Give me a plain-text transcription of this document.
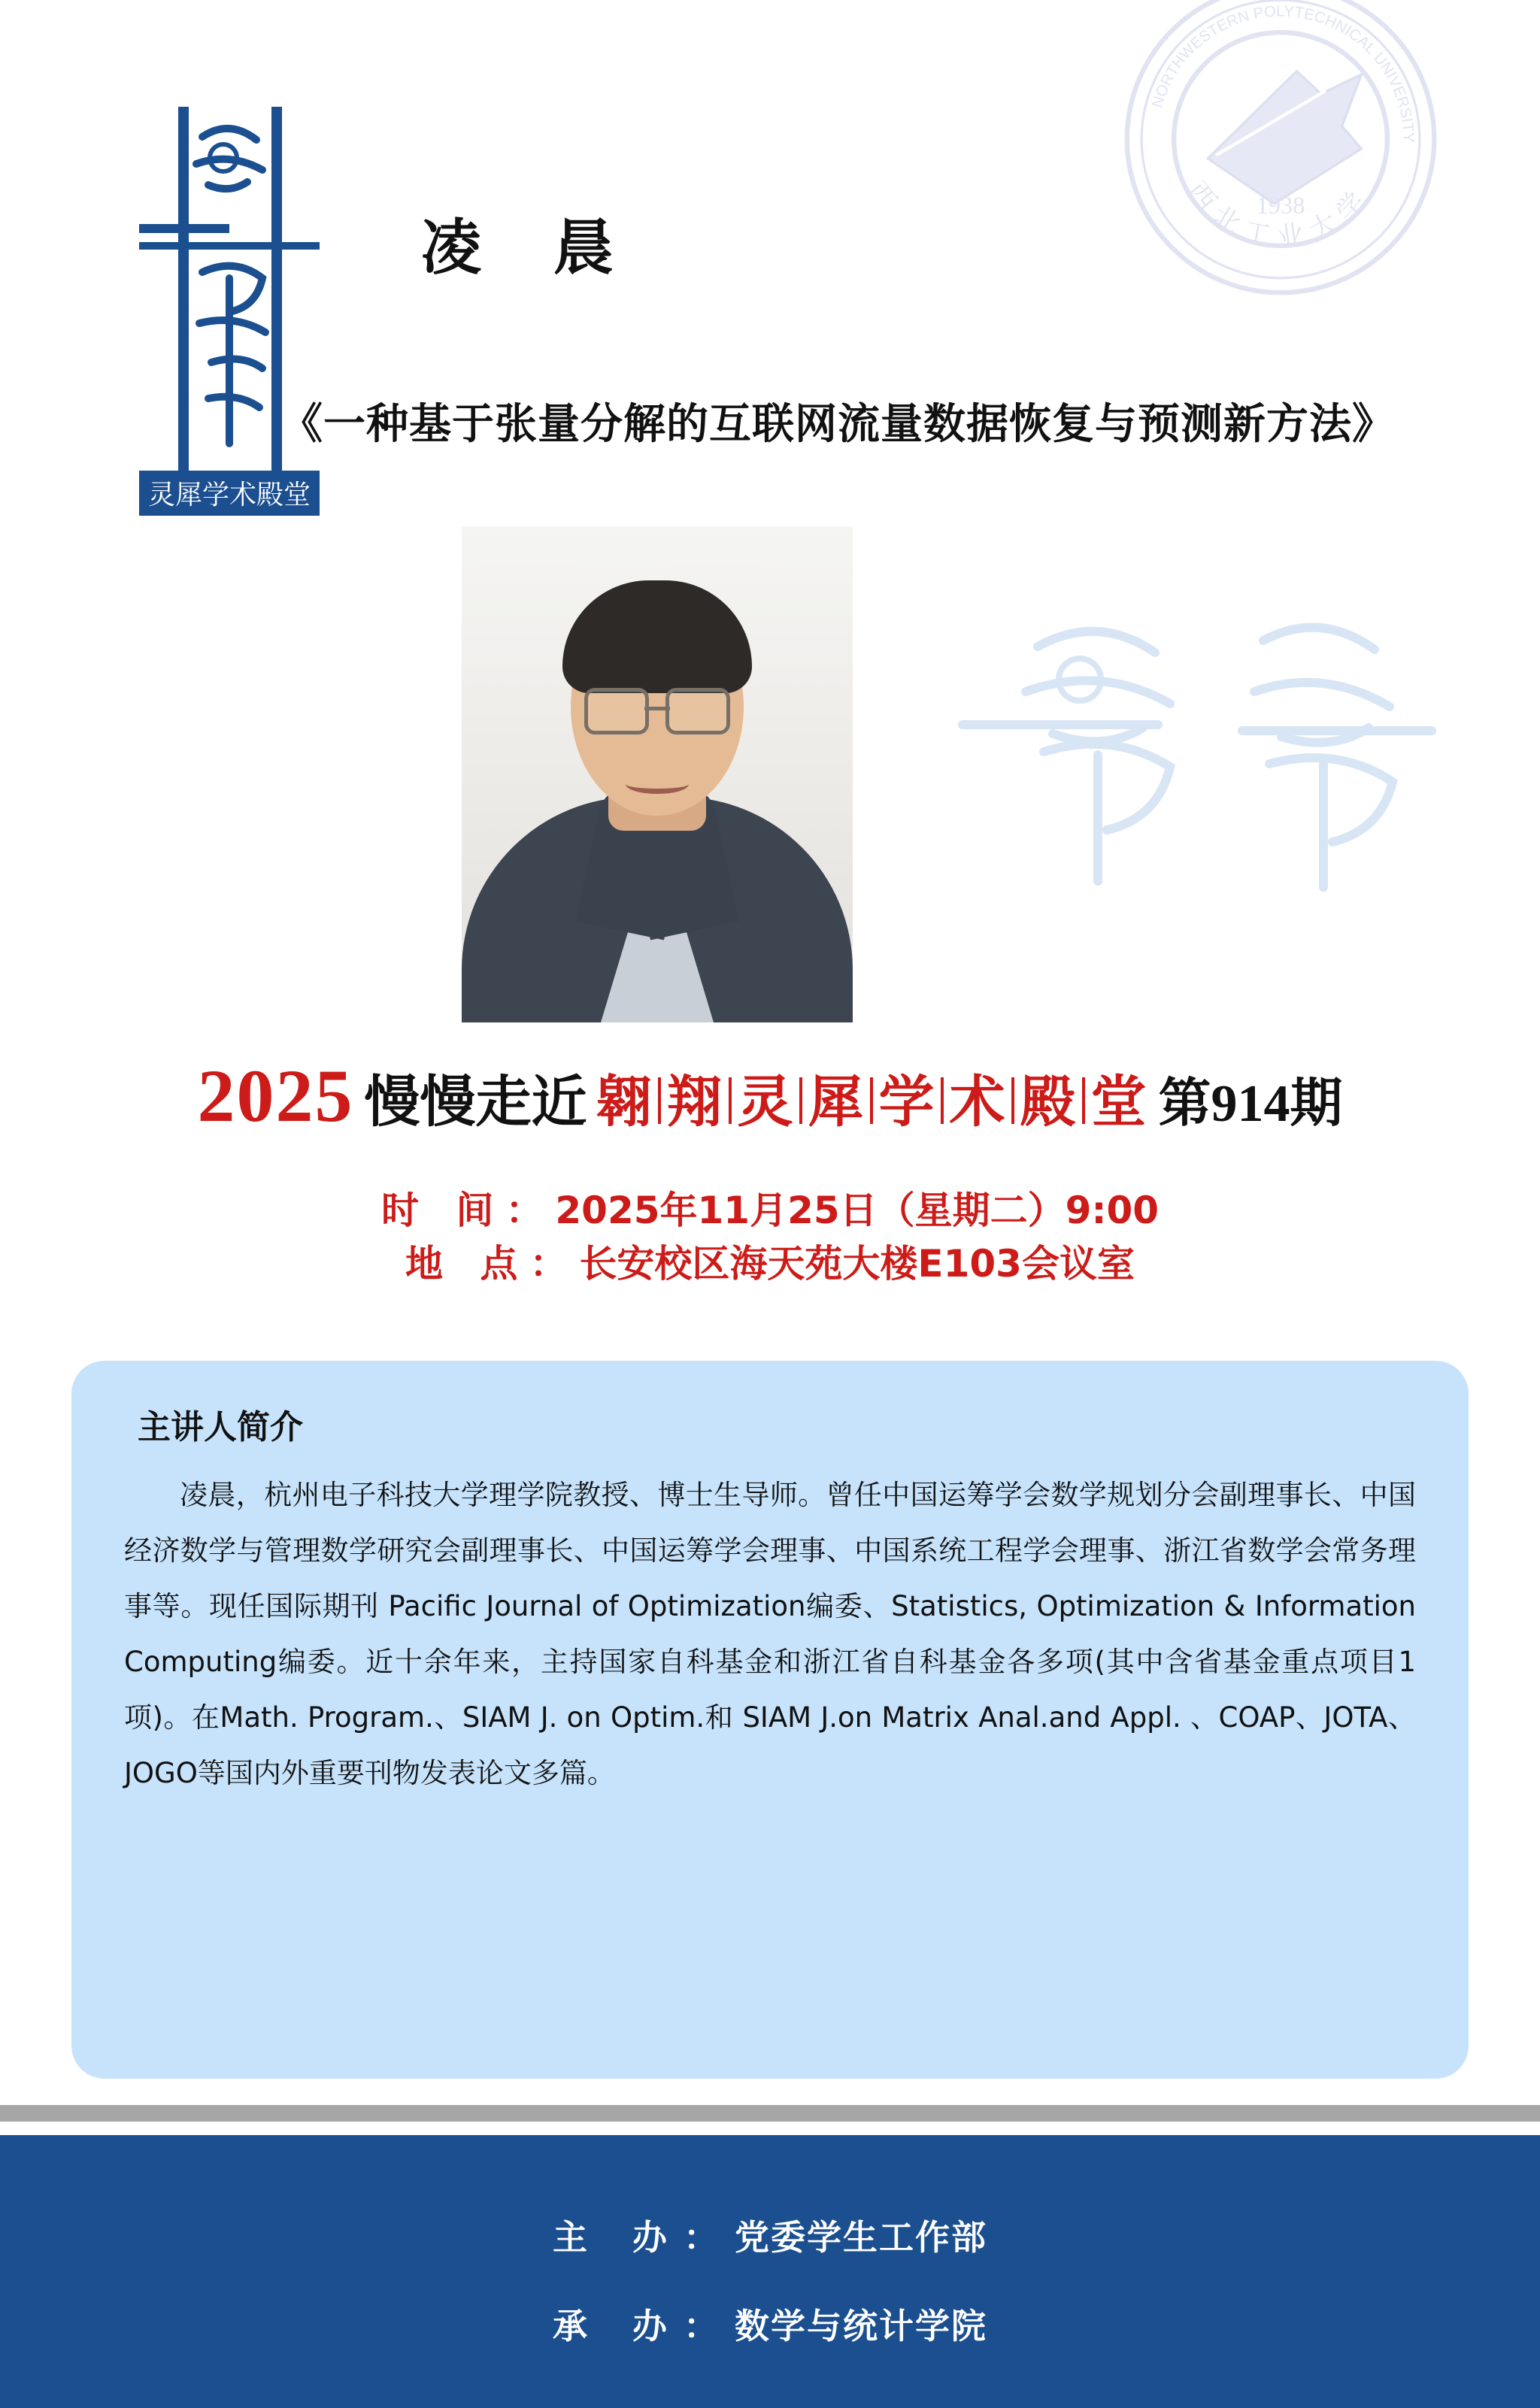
1938
NORTHWESTERN POLYTECHNICAL UNIVERSITY
西北工业大学
灵犀学术殿堂
凌 晨
《一种基于张量分解的互联网流量数据恢复与预测新方法》
2025 慢慢走近 翱 翔 灵 犀 学 术 殿 堂 第914期
时 间：2025年11月25日（星期二）9:00
地 点：长安校区海天苑大楼E103会议室
主讲人简介

凌晨，杭州电子科技大学理学院教授、博士生导师。曾任中国运筹学会数学规划分会副理事长、中国经济数学与管理数学研究会副理事长、中国运筹学会理事、中国系统工程学会理事、浙江省数学会常务理事等。现任国际期刊 Pacific Journal of Optimization编委、Statistics, Optimization & Information Computing编委。近十余年来，主持国家自科基金和浙江省自科基金各多项(其中含省基金重点项目1项)。在Math. Program.、SIAM J. on Optim.和 SIAM J.on Matrix Anal.and Appl. 、COAP、JOTA、JOGO等国内外重要刊物发表论文多篇。

主 办：党委学生工作部
承 办：数学与统计学院
